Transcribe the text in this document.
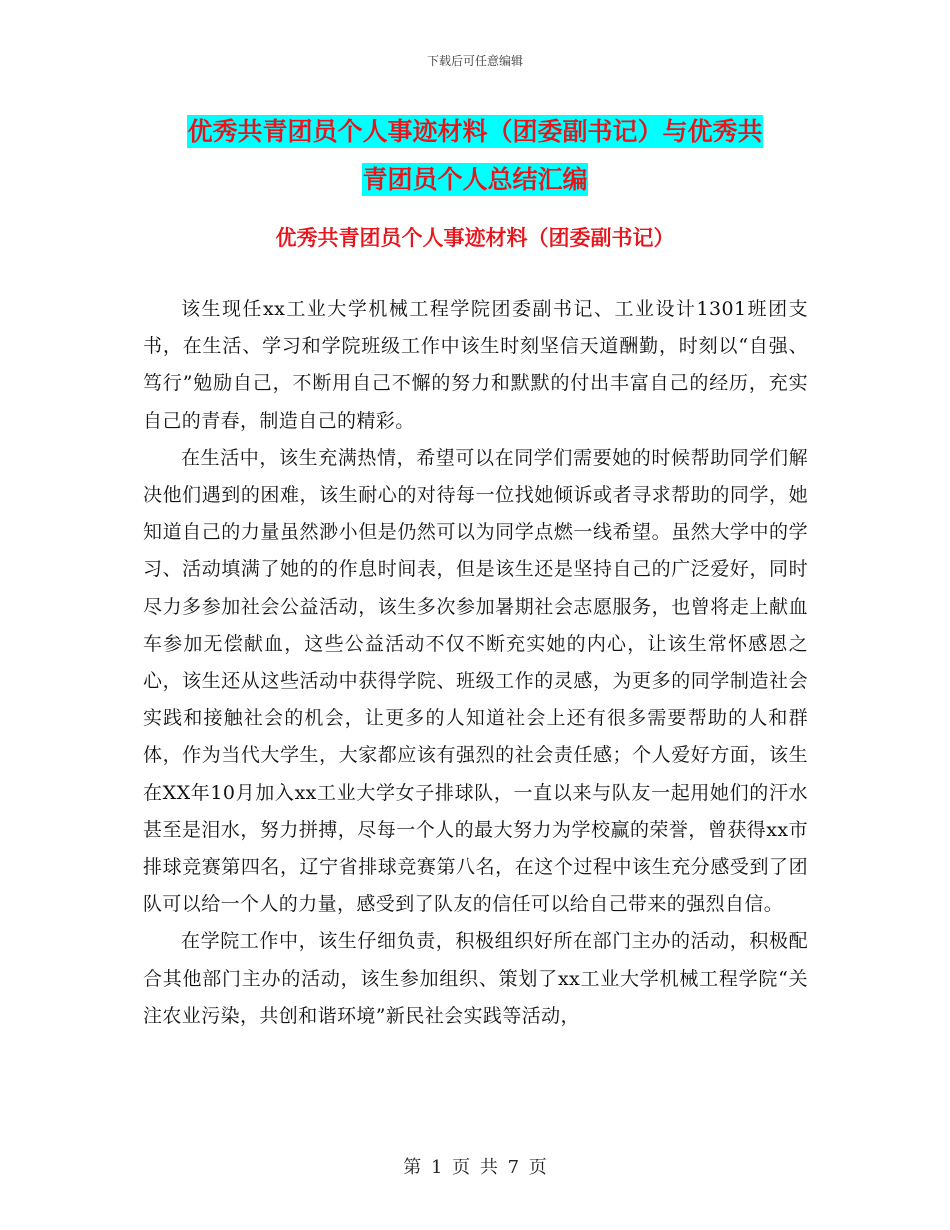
下载后可任意编辑
优秀共青团员个人事迹材料（团委副书记）与优秀共
青团员个人总结汇编
优秀共青团员个人事迹材料（团委副书记）

该生现任xx工业大学机械工程学院团委副书记、工业设计1301班团支书，在生活、学习和学院班级工作中该生时刻坚信天道酬勤，时刻以“自强、笃行”勉励自己，不断用自己不懈的努力和默默的付出丰富自己的经历，充实自己的青春，制造自己的精彩。

在生活中，该生充满热情，希望可以在同学们需要她的时候帮助同学们解决他们遇到的困难，该生耐心的对待每一位找她倾诉或者寻求帮助的同学，她知道自己的力量虽然渺小但是仍然可以为同学点燃一线希望。虽然大学中的学习、活动填满了她的的作息时间表，但是该生还是坚持自己的广泛爱好，同时尽力多参加社会公益活动，该生多次参加暑期社会志愿服务，也曾将走上献血车参加无偿献血，这些公益活动不仅不断充实她的内心，让该生常怀感恩之心，该生还从这些活动中获得学院、班级工作的灵感，为更多的同学制造社会实践和接触社会的机会，让更多的人知道社会上还有很多需要帮助的人和群体，作为当代大学生，大家都应该有强烈的社会责任感；个人爱好方面，该生在XX年10月加入xx工业大学女子排球队，一直以来与队友一起用她们的汗水甚至是泪水，努力拼搏，尽每一个人的最大努力为学校赢的荣誉，曾获得xx市排球竞赛第四名，辽宁省排球竞赛第八名，在这个过程中该生充分感受到了团队可以给一个人的力量，感受到了队友的信任可以给自己带来的强烈自信。

在学院工作中，该生仔细负责，积极组织好所在部门主办的活动，积极配合其他部门主办的活动，该生参加组织、策划了xx工业大学机械工程学院“关注农业污染，共创和谐环境”新民社会实践等活动，

第 1 页 共 7 页
